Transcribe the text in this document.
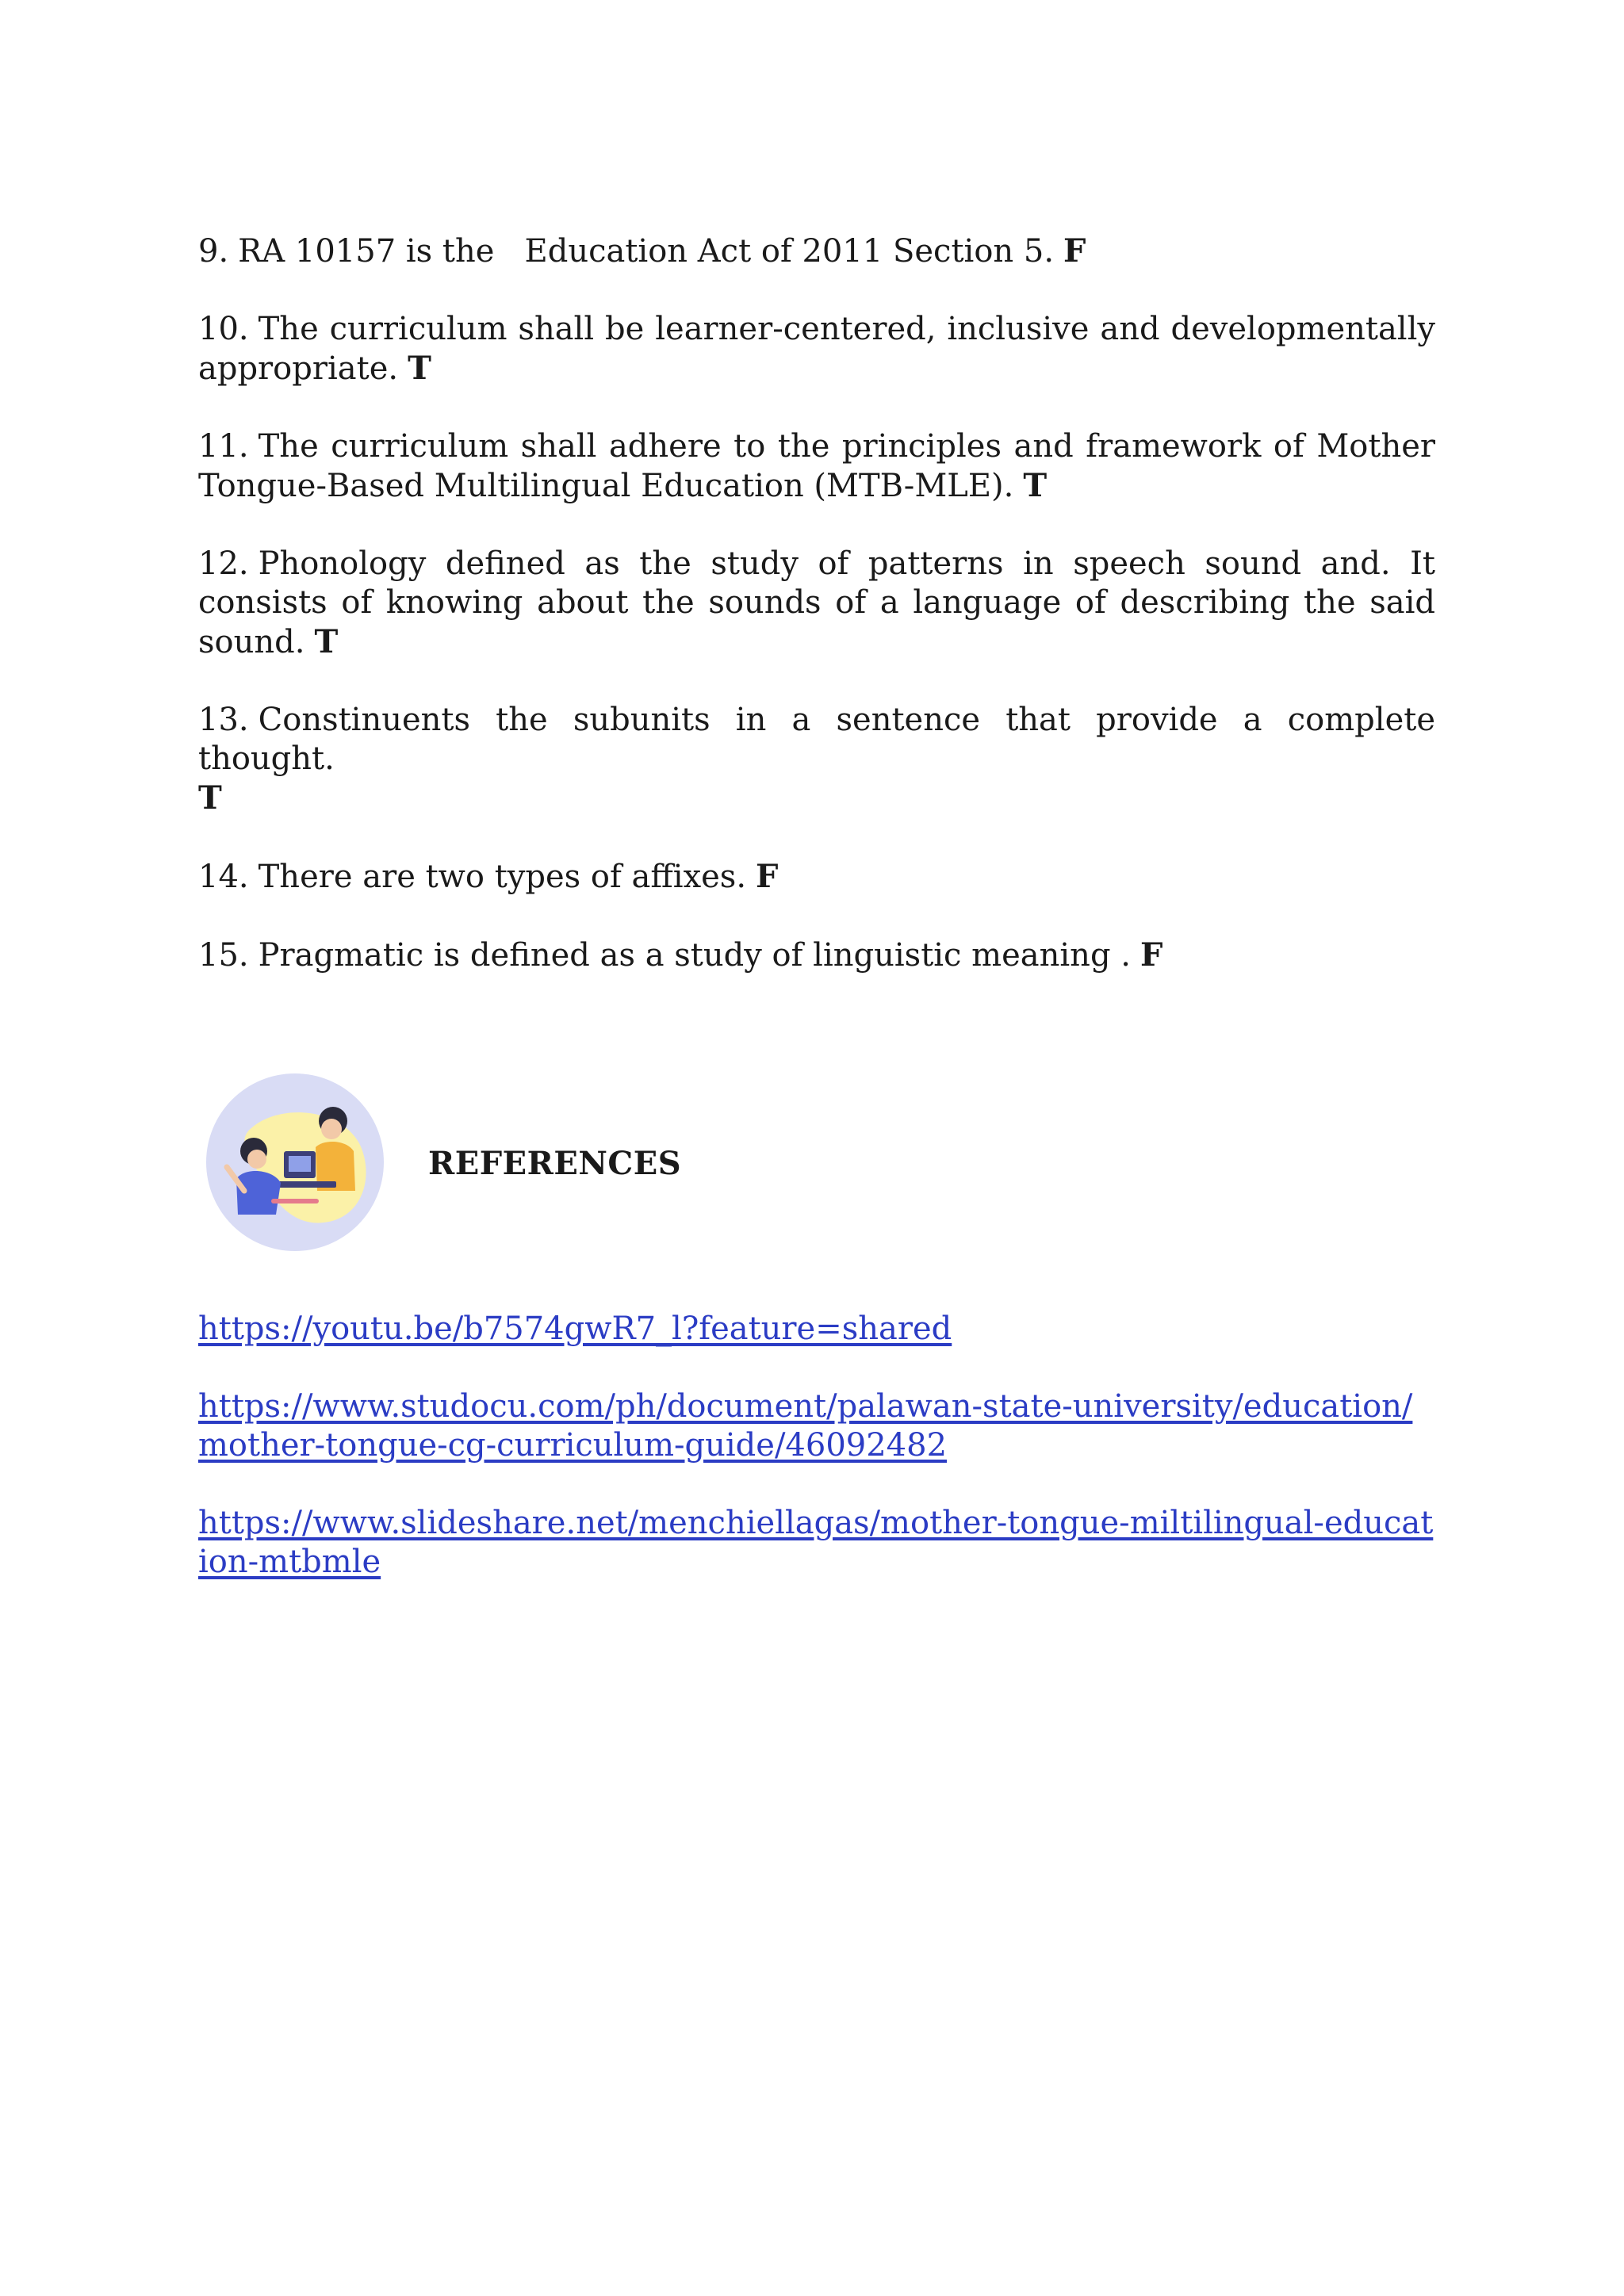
9. RA 10157 is the   Education Act of 2011 Section 5. F

10. The curriculum shall be learner-centered, inclusive and developmentally appropriate. T

11. The curriculum shall adhere to the principles and framework of Mother Tongue-Based Multilingual Education (MTB-MLE). T

12. Phonology defined as the study of patterns in speech sound and. It consists of knowing about the sounds of a language of describing the said sound. T

13. Constinuents the subunits in a sentence that provide a complete thought.
T

14. There are two types of affixes. F

15. Pragmatic is defined as a study of linguistic meaning . F

REFERENCES
https://youtu.be/b7574gwR7_l?feature=shared
https://www.studocu.com/ph/document/palawan-state-university/education/mother-tongue-cg-curriculum-guide/46092482
https://www.slideshare.net/menchiellagas/mother-tongue-miltilingual-education-mtbmle
